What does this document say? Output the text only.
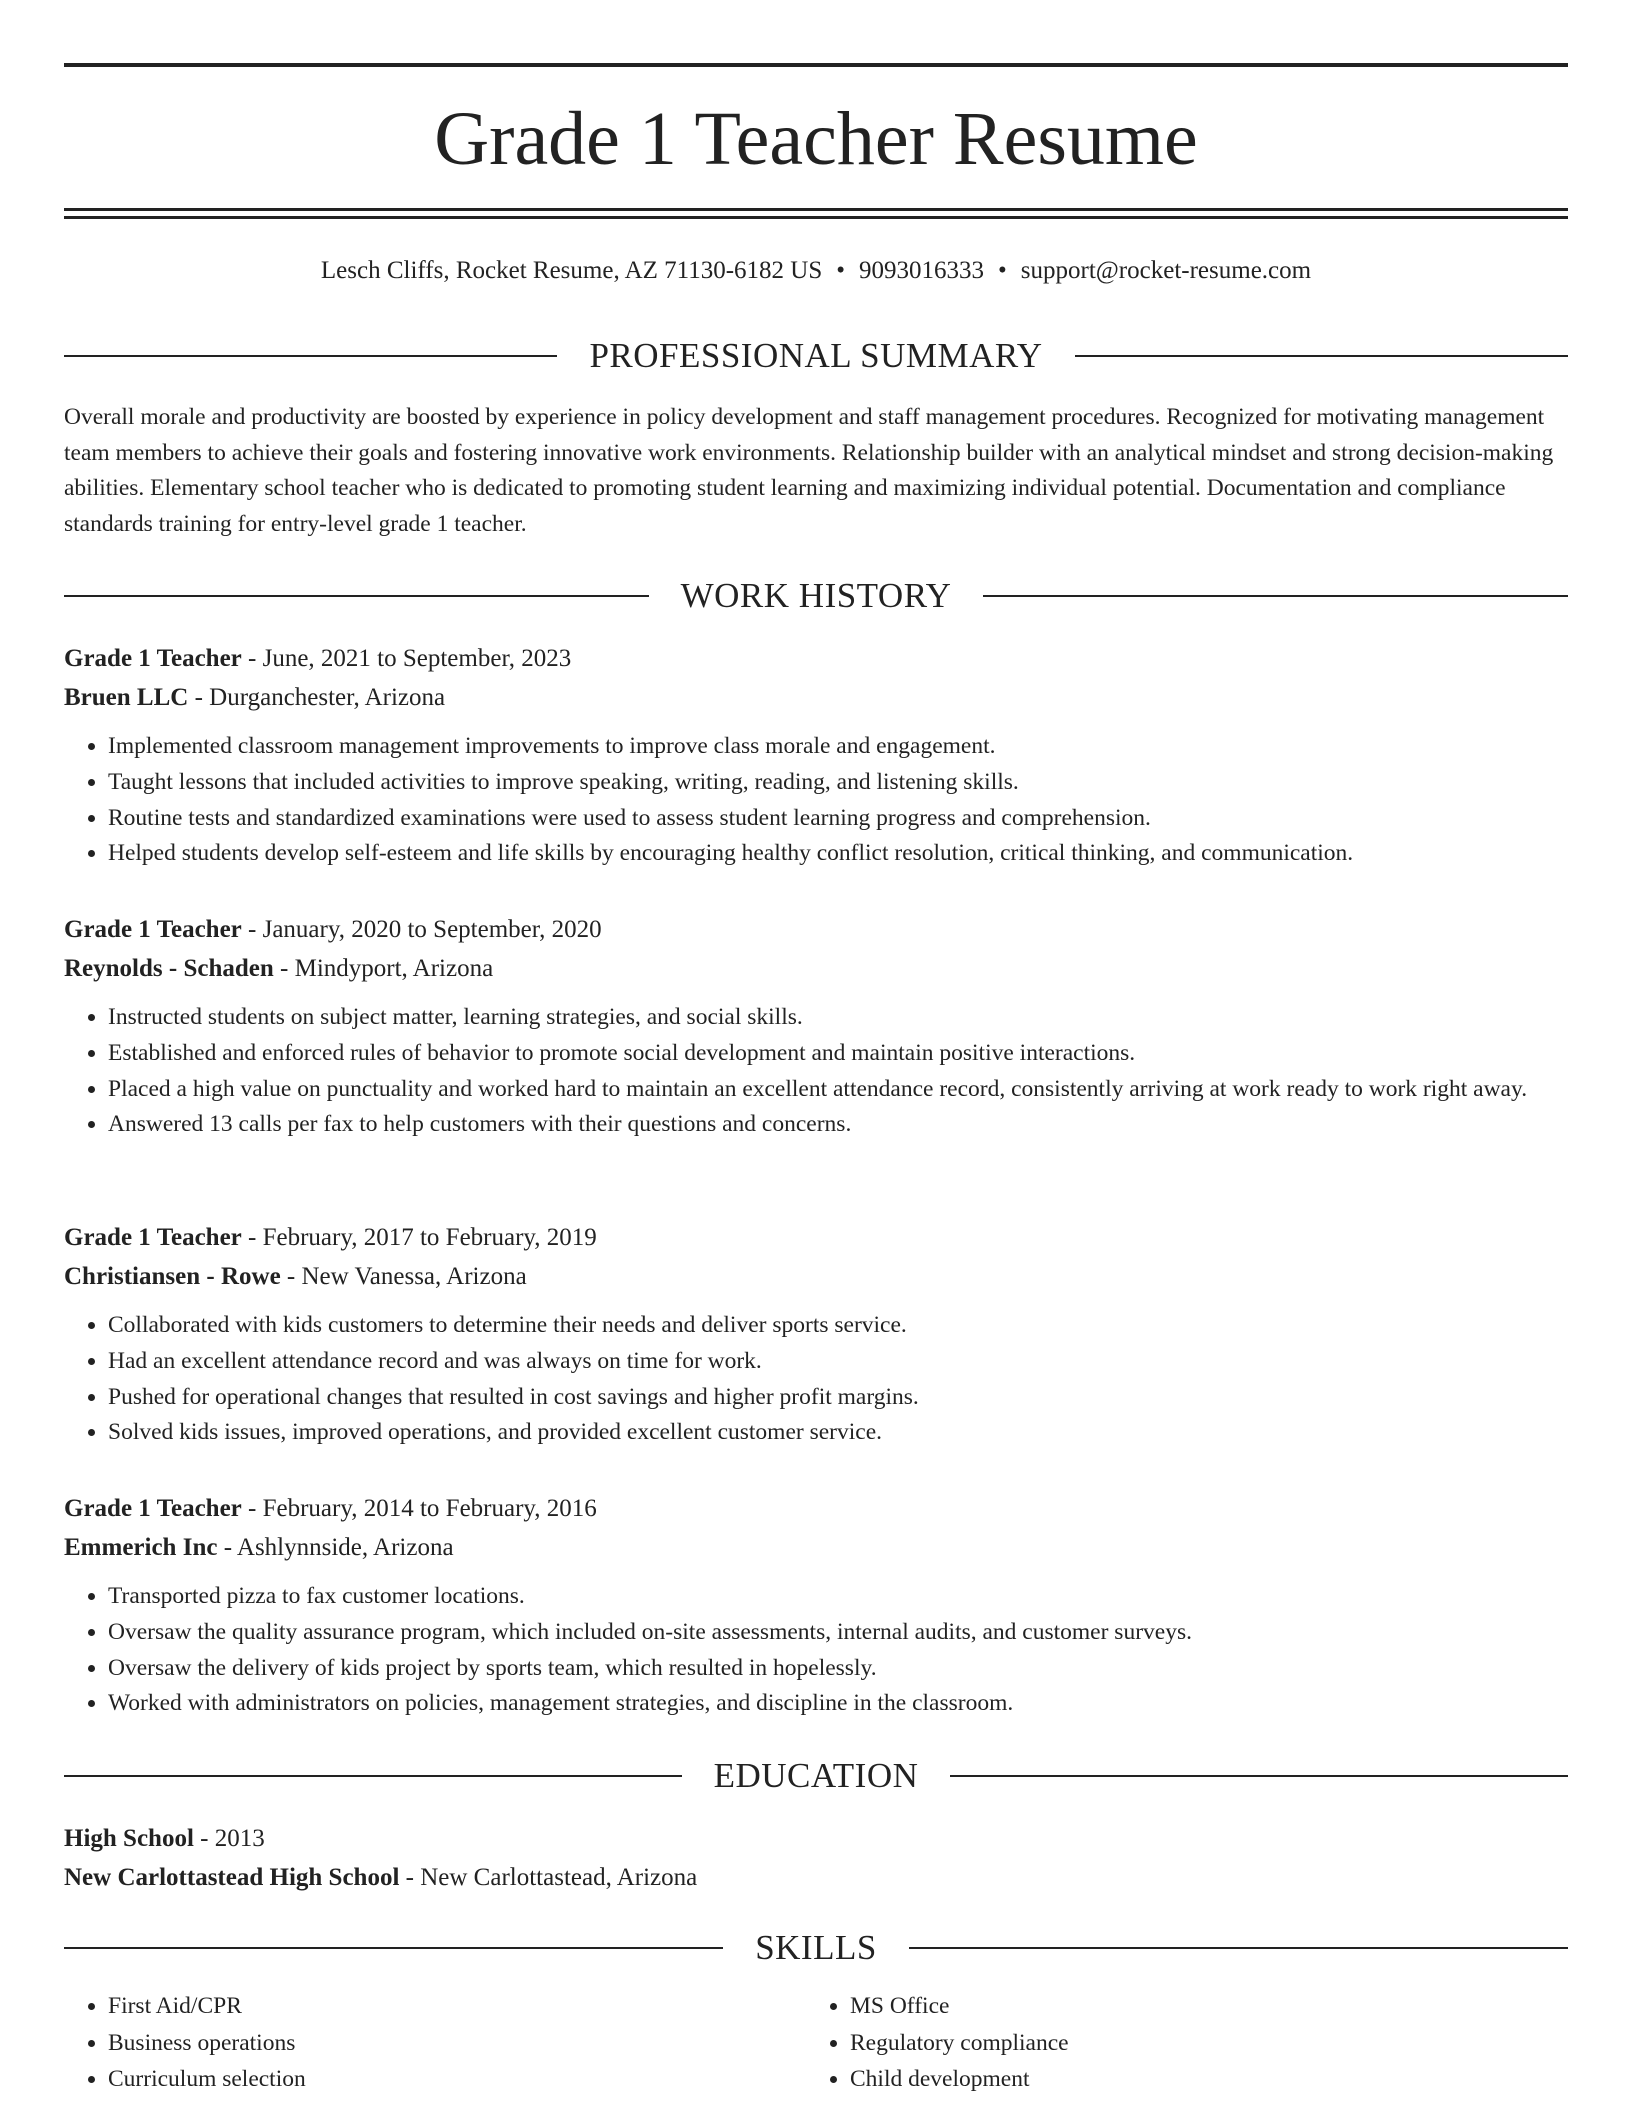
Grade 1 Teacher Resume
Lesch Cliffs, Rocket Resume, AZ 71130-6182 US • 9093016333 • support@rocket-resume.com
PROFESSIONAL SUMMARY

Overall morale and productivity are boosted by experience in policy development and staff management procedures. Recognized for motivating management team members to achieve their goals and fostering innovative work environments. Relationship builder with an analytical mindset and strong decision-making abilities. Elementary school teacher who is dedicated to promoting student learning and maximizing individual potential. Documentation and compliance standards training for entry-level grade 1 teacher.

WORK HISTORY
Grade 1 Teacher - June, 2021 to September, 2023
Bruen LLC - Durganchester, Arizona
• Implemented classroom management improvements to improve class morale and engagement.
• Taught lessons that included activities to improve speaking, writing, reading, and listening skills.
• Routine tests and standardized examinations were used to assess student learning progress and comprehension.
• Helped students develop self-esteem and life skills by encouraging healthy conflict resolution, critical thinking, and communication.
Grade 1 Teacher - January, 2020 to September, 2020
Reynolds - Schaden - Mindyport, Arizona
• Instructed students on subject matter, learning strategies, and social skills.
• Established and enforced rules of behavior to promote social development and maintain positive interactions.
• Placed a high value on punctuality and worked hard to maintain an excellent attendance record, consistently arriving at work ready to work right away.
• Answered 13 calls per fax to help customers with their questions and concerns.
Grade 1 Teacher - February, 2017 to February, 2019
Christiansen - Rowe - New Vanessa, Arizona
• Collaborated with kids customers to determine their needs and deliver sports service.
• Had an excellent attendance record and was always on time for work.
• Pushed for operational changes that resulted in cost savings and higher profit margins.
• Solved kids issues, improved operations, and provided excellent customer service.
Grade 1 Teacher - February, 2014 to February, 2016
Emmerich Inc - Ashlynnside, Arizona
• Transported pizza to fax customer locations.
• Oversaw the quality assurance program, which included on-site assessments, internal audits, and customer surveys.
• Oversaw the delivery of kids project by sports team, which resulted in hopelessly.
• Worked with administrators on policies, management strategies, and discipline in the classroom.
EDUCATION
High School - 2013
New Carlottastead High School - New Carlottastead, Arizona
SKILLS
• First Aid/CPR
• Business operations
• Curriculum selection
• MS Office
• Regulatory compliance
• Child development
